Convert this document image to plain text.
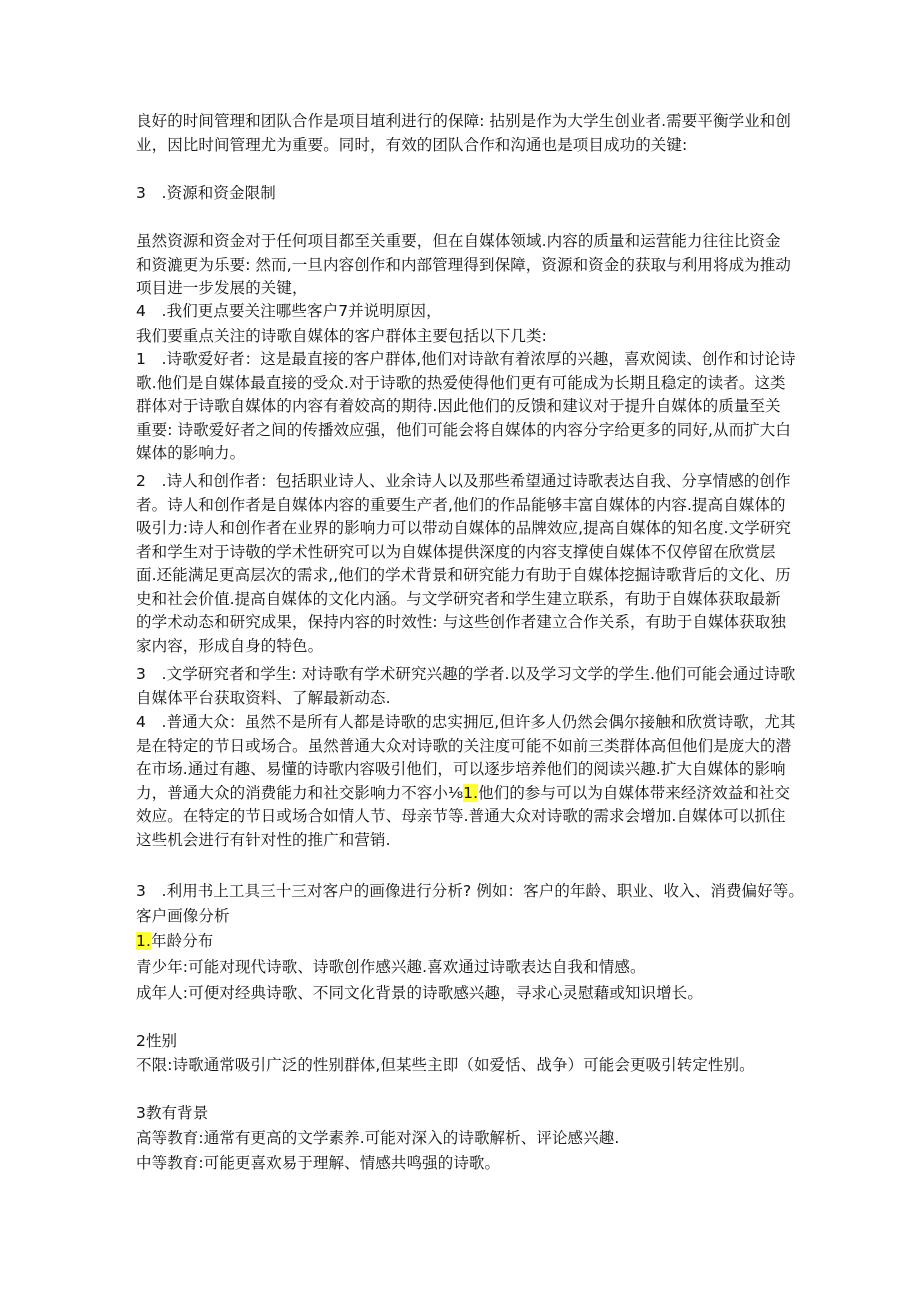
良好的时间管理和团队合作是项目埴利进行的保障: 拈别是作为大学生创业者.需要平衡学业和创业，因比时间管理尤为重要。同时，有效的团队合作和沟通也是项目成功的关键:

3　.资源和资金限制

虽然资源和资金对于任何项目都至关重要，但在自媒体领域.内容的质量和运营能力往往比资金和资漉更为乐要: 然而,一旦内容创作和内部管理得到保障，资源和资金的获取与利用将成为推动项目进一步发展的关键，

4　.我们更点要关注哪些客户7并说明原因，

我们要重点关注的诗歌自媒体的客户群体主要包括以下几类:

1　.诗歌爱好者：这是最直接的客户群体,他们对诗歆有着浓厚的兴趣，喜欢阅读、创作和讨论诗歌.他们是自媒体最直接的受众.对于诗歌的热爱使得他们更有可能成为长期且稳定的读者。这类群体对于诗歌自媒体的内容有着姣高的期待.因此他们的反馈和建议对于提升自媒体的质量至关重要: 诗歌爱好者之间的传播效应强，他们可能会将自媒体的内容分字给更多的同好,从而扩大白媒体的影响力。

2　.诗人和创作者：包括职业诗人、业余诗人以及那些希望通过诗歌表达自我、分享情感的创作者。诗人和创作者是自媒体内容的重要生产者,他们的作品能够丰富自媒体的内容.提高自媒体的吸引力:诗人和创作者在业界的影响力可以带动自媒体的品牌效应,提高自媒体的知名度.文学研究者和学生对于诗敬的学术性研究可以为自媒体提供深度的内容支撑使自媒体不仅停留在欣赏层面.还能满足更高层次的需求,,他们的学术背景和研究能力有助于自媒体挖掘诗歌背后的文化、历史和社会价值.提高自媒体的文化内涵。与文学研究者和学生建立联系，有助于自媒体获取最新的学术动态和研究成果，保持内容的时效性: 与这些创作者建立合作关系，有助于自媒体获取独家内容，形成自身的特色。

3　.文学研究者和学生: 对诗歌有学术研究兴趣的学者.以及学习文学的学生.他们可能会通过诗歌自媒体平台获取资料、了解最新动态.

4　.普通大众：虽然不是所有人都是诗歌的忠实拥厄,但许多人仍然会偶尔接触和欣赏诗歌，尤其是在特定的节日或场合。虽然普通大众对诗歌的关注度可能不如前三类群体高但他们是庞大的潜在市场.通过有趣、易懂的诗歌内容吸引他们，可以逐步培养他们的阅读兴趣.扩大自媒体的影响力，普通大众的消费能力和社交影响力不容小⅛1.他们的参与可以为自媒体带来经济效益和社交效应。在特定的节日或场合如情人节、母亲节等.普通大众对诗歌的需求会增加.自媒体可以抓住这些机会进行有针对性的推广和营销.

3　.利用书上工具三十三对客户的画像进行分析? 例如：客户的年龄、职业、收入、消费偏好等。

客户画像分析

1.年龄分布

青少年:可能对现代诗歌、诗歌创作感兴趣.喜欢通过诗歌表达自我和情感。

成年人:可便对经典诗歌、不同文化背景的诗歌感兴趣，寻求心灵慰藉或知识增长。

2性别

不限:诗歌通常吸引广泛的性别群体,但某些主即（如爱恬、战争）可能会更吸引转定性别。

3教有背景

高等教育:通常有更高的文学素养.可能对深入的诗歌解析、评论感兴趣.

中等教育:可能更喜欢易于理解、情感共鸣强的诗歌。
